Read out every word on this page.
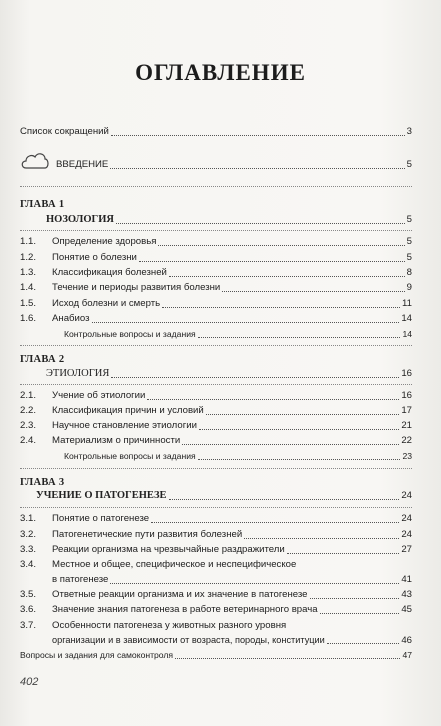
ОГЛАВЛЕНИЕ
Список сокращений	3
ВВЕДЕНИЕ	5
ГЛАВА 1
НОЗОЛОГИЯ	5
1.1. Определение здоровья	5
1.2. Понятие о болезни	5
1.3. Классификация болезней	8
1.4. Течение и периоды развития болезни	9
1.5. Исход болезни и смерть	11
1.6. Анабиоз	14
Контрольные вопросы и задания	14
ГЛАВА 2
ЭТИОЛОГИЯ	16
2.1. Учение об этиологии	16
2.2. Классификация причин и условий	17
2.3. Научное становление этиологии	21
2.4. Материализм о причинности	22
Контрольные вопросы и задания	23
ГЛАВА 3
УЧЕНИЕ О ПАТОГЕНЕЗЕ	24
3.1. Понятие о патогенезе	24
3.2. Патогенетические пути развития болезней	24
3.3. Реакции организма на чрезвычайные раздражители	27
3.4. Местное и общее, специфическое и неспецифическое
в патогенезе	41
3.5. Ответные реакции организма и их значение в патогенезе	43
3.6. Значение знания патогенеза в работе ветеринарного врача	45
3.7. Особенности патогенеза у животных разного уровня
организации и в зависимости от возраста, породы, конституции	46
Вопросы и задания для самоконтроля	47
402
